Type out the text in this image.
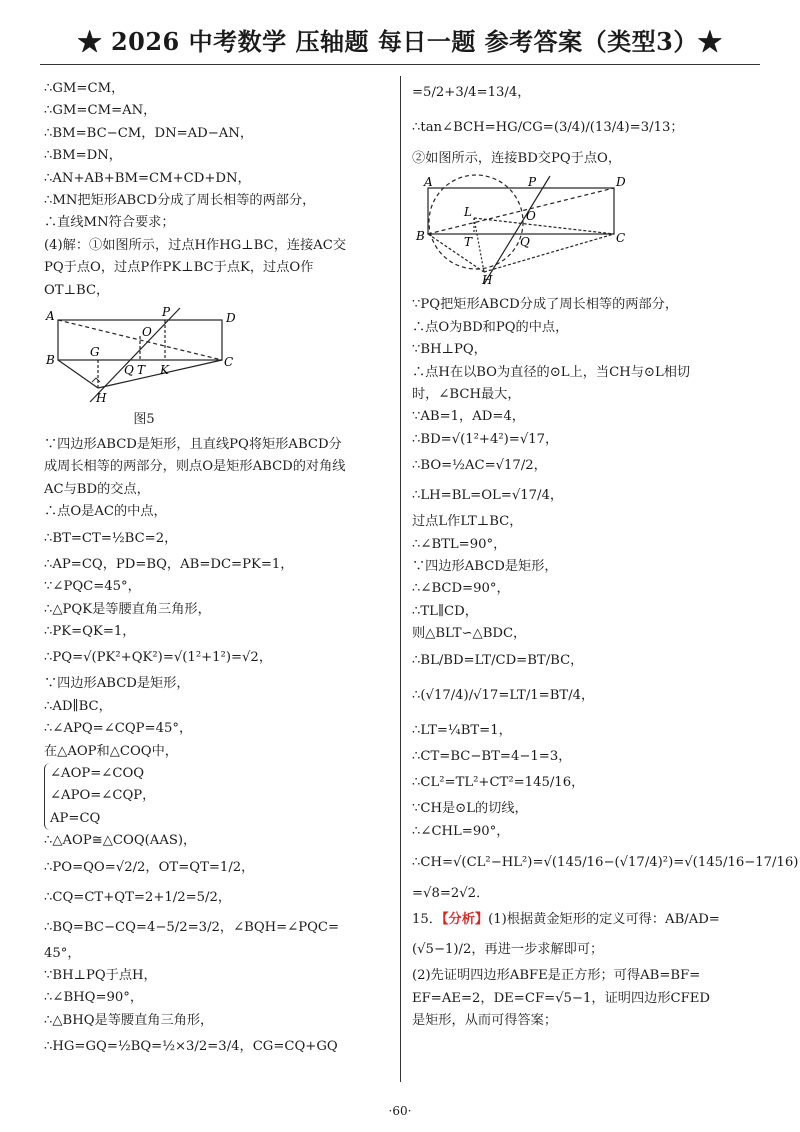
★ 2026 中考数学 压轴题 每日一题 参考答案（类型3）★
∴GM=CM，
∴GM=CM=AN，
∴BM=BC−CM，DN=AD−AN，
∴BM=DN，
∴AN+AB+BM=CM+CD+DN，
∴MN把矩形ABCD分成了周长相等的两部分，
∴直线MN符合要求；
(4)解：①如图所示，过点H作HG⊥BC，连接AC交
PQ于点O，过点P作PK⊥BC于点K，过点O作
OT⊥BC，
A
B	C
D
P
O
G
Q T K
H
图5
∵四边形ABCD是矩形，且直线PQ将矩形ABCD分
成周长相等的两部分，则点O是矩形ABCD的对角线
AC与BD的交点，
∴点O是AC的中点，
∴BT=CT=½BC=2，
∴AP=CQ，PD=BQ，AB=DC=PK=1，
∵∠PQC=45°，
∴△PQK是等腰直角三角形，
∴PK=QK=1，
∴PQ=√(PK²+QK²)=√(1²+1²)=√2，
∵四边形ABCD是矩形，
∴AD∥BC，
∴∠APQ=∠CQP=45°，
在△AOP和△COQ中，
∠AOP=∠COQ
∠APO=∠CQP，
AP=CQ
∴△AOP≅△COQ(AAS)，
∴PO=QO=√2/2，OT=QT=1/2，
∴CQ=CT+QT=2+1/2=5/2，
∴BQ=BC−CQ=4−5/2=3/2，∠BQH=∠PQC=
45°，
∵BH⊥PQ于点H，
∴∠BHQ=90°，
∴△BHQ是等腰直角三角形，
∴HG=GQ=½BQ=½×3/2=3/4，CG=CQ+GQ
=5/2+3/4=13/4，
∴tan∠BCH=HG/CG=(3/4)/(13/4)=3/13；
②如图所示，连接BD交PQ于点O，
A
B	C
D
P
O
L
T	Q
H
∵PQ把矩形ABCD分成了周长相等的两部分，
∴点O为BD和PQ的中点，
∵BH⊥PQ，
∴点H在以BO为直径的⊙L上，当CH与⊙L相切
时，∠BCH最大，
∵AB=1，AD=4，
∴BD=√(1²+4²)=√17，
∴BO=½AC=√17/2，
∴LH=BL=OL=√17/4，
过点L作LT⊥BC，
∴∠BTL=90°，
∵四边形ABCD是矩形，
∴∠BCD=90°，
∴TL∥CD，
则△BLT∽△BDC，
∴BL/BD=LT/CD=BT/BC，
∴(√17/4)/√17=LT/1=BT/4，
∴LT=¼BT=1，
∴CT=BC−BT=4−1=3，
∴CL²=TL²+CT²=145/16，
∵CH是⊙L的切线，
∴∠CHL=90°，
∴CH=√(CL²−HL²)=√(145/16−(√17/4)²)=√(145/16−17/16)
=√8=2√2．
15．【分析】(1)根据黄金矩形的定义可得：AB/AD=
(√5−1)/2，再进一步求解即可；
(2)先证明四边形ABFE是正方形；可得AB=BF=
EF=AE=2，DE=CF=√5−1，证明四边形CFED
是矩形，从而可得答案；
·60·
